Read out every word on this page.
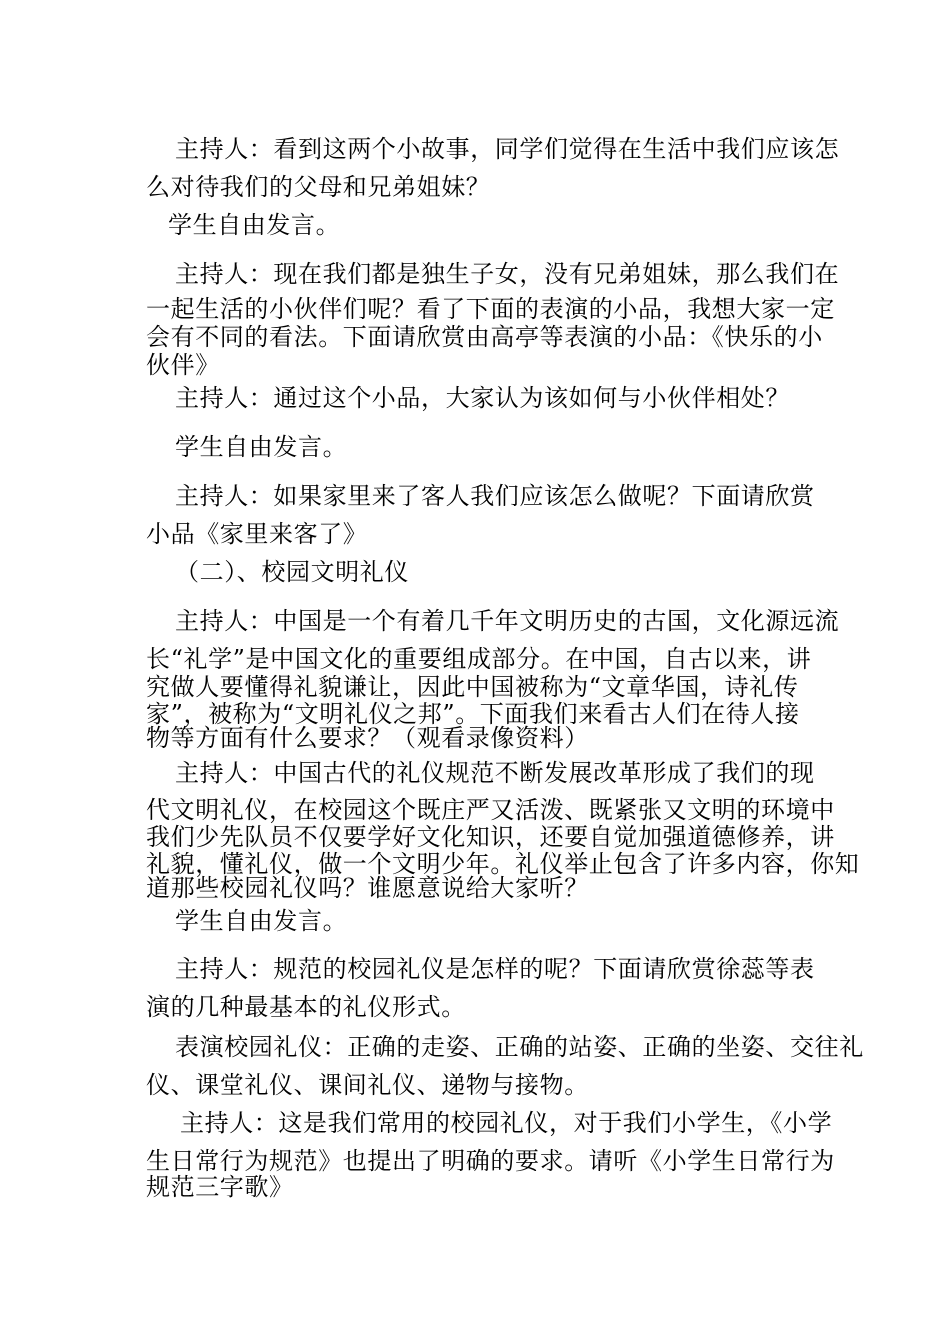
主持人：看到这两个小故事，同学们觉得在生活中我们应该怎
么对待我们的父母和兄弟姐妹？
学生自由发言。
主持人：现在我们都是独生子女，没有兄弟姐妹，那么我们在
一起生活的小伙伴们呢？看了下面的表演的小品，我想大家一定
会有不同的看法。下面请欣赏由高亭等表演的小品：《快乐的小
伙伴》
主持人：通过这个小品，大家认为该如何与小伙伴相处？
学生自由发言。
主持人：如果家里来了客人我们应该怎么做呢？下面请欣赏
小品《家里来客了》
（二）、校园文明礼仪
主持人：中国是一个有着几千年文明历史的古国，文化源远流
长“礼学”是中国文化的重要组成部分。在中国，自古以来，讲
究做人要懂得礼貌谦让，因此中国被称为“文章华国，诗礼传
家”，被称为“文明礼仪之邦”。下面我们来看古人们在待人接
物等方面有什么要求？（观看录像资料）
主持人：中国古代的礼仪规范不断发展改革形成了我们的现
代文明礼仪，在校园这个既庄严又活泼、既紧张又文明的环境中
我们少先队员不仅要学好文化知识，还要自觉加强道德修养，讲
礼貌，懂礼仪，做一个文明少年。礼仪举止包含了许多内容，你知
道那些校园礼仪吗？谁愿意说给大家听？
学生自由发言。
主持人：规范的校园礼仪是怎样的呢？下面请欣赏徐蕊等表
演的几种最基本的礼仪形式。
表演校园礼仪：正确的走姿、正确的站姿、正确的坐姿、交往礼
仪、课堂礼仪、课间礼仪、递物与接物。
主持人：这是我们常用的校园礼仪，对于我们小学生，《小学
生日常行为规范》也提出了明确的要求。请听《小学生日常行为
规范三字歌》
